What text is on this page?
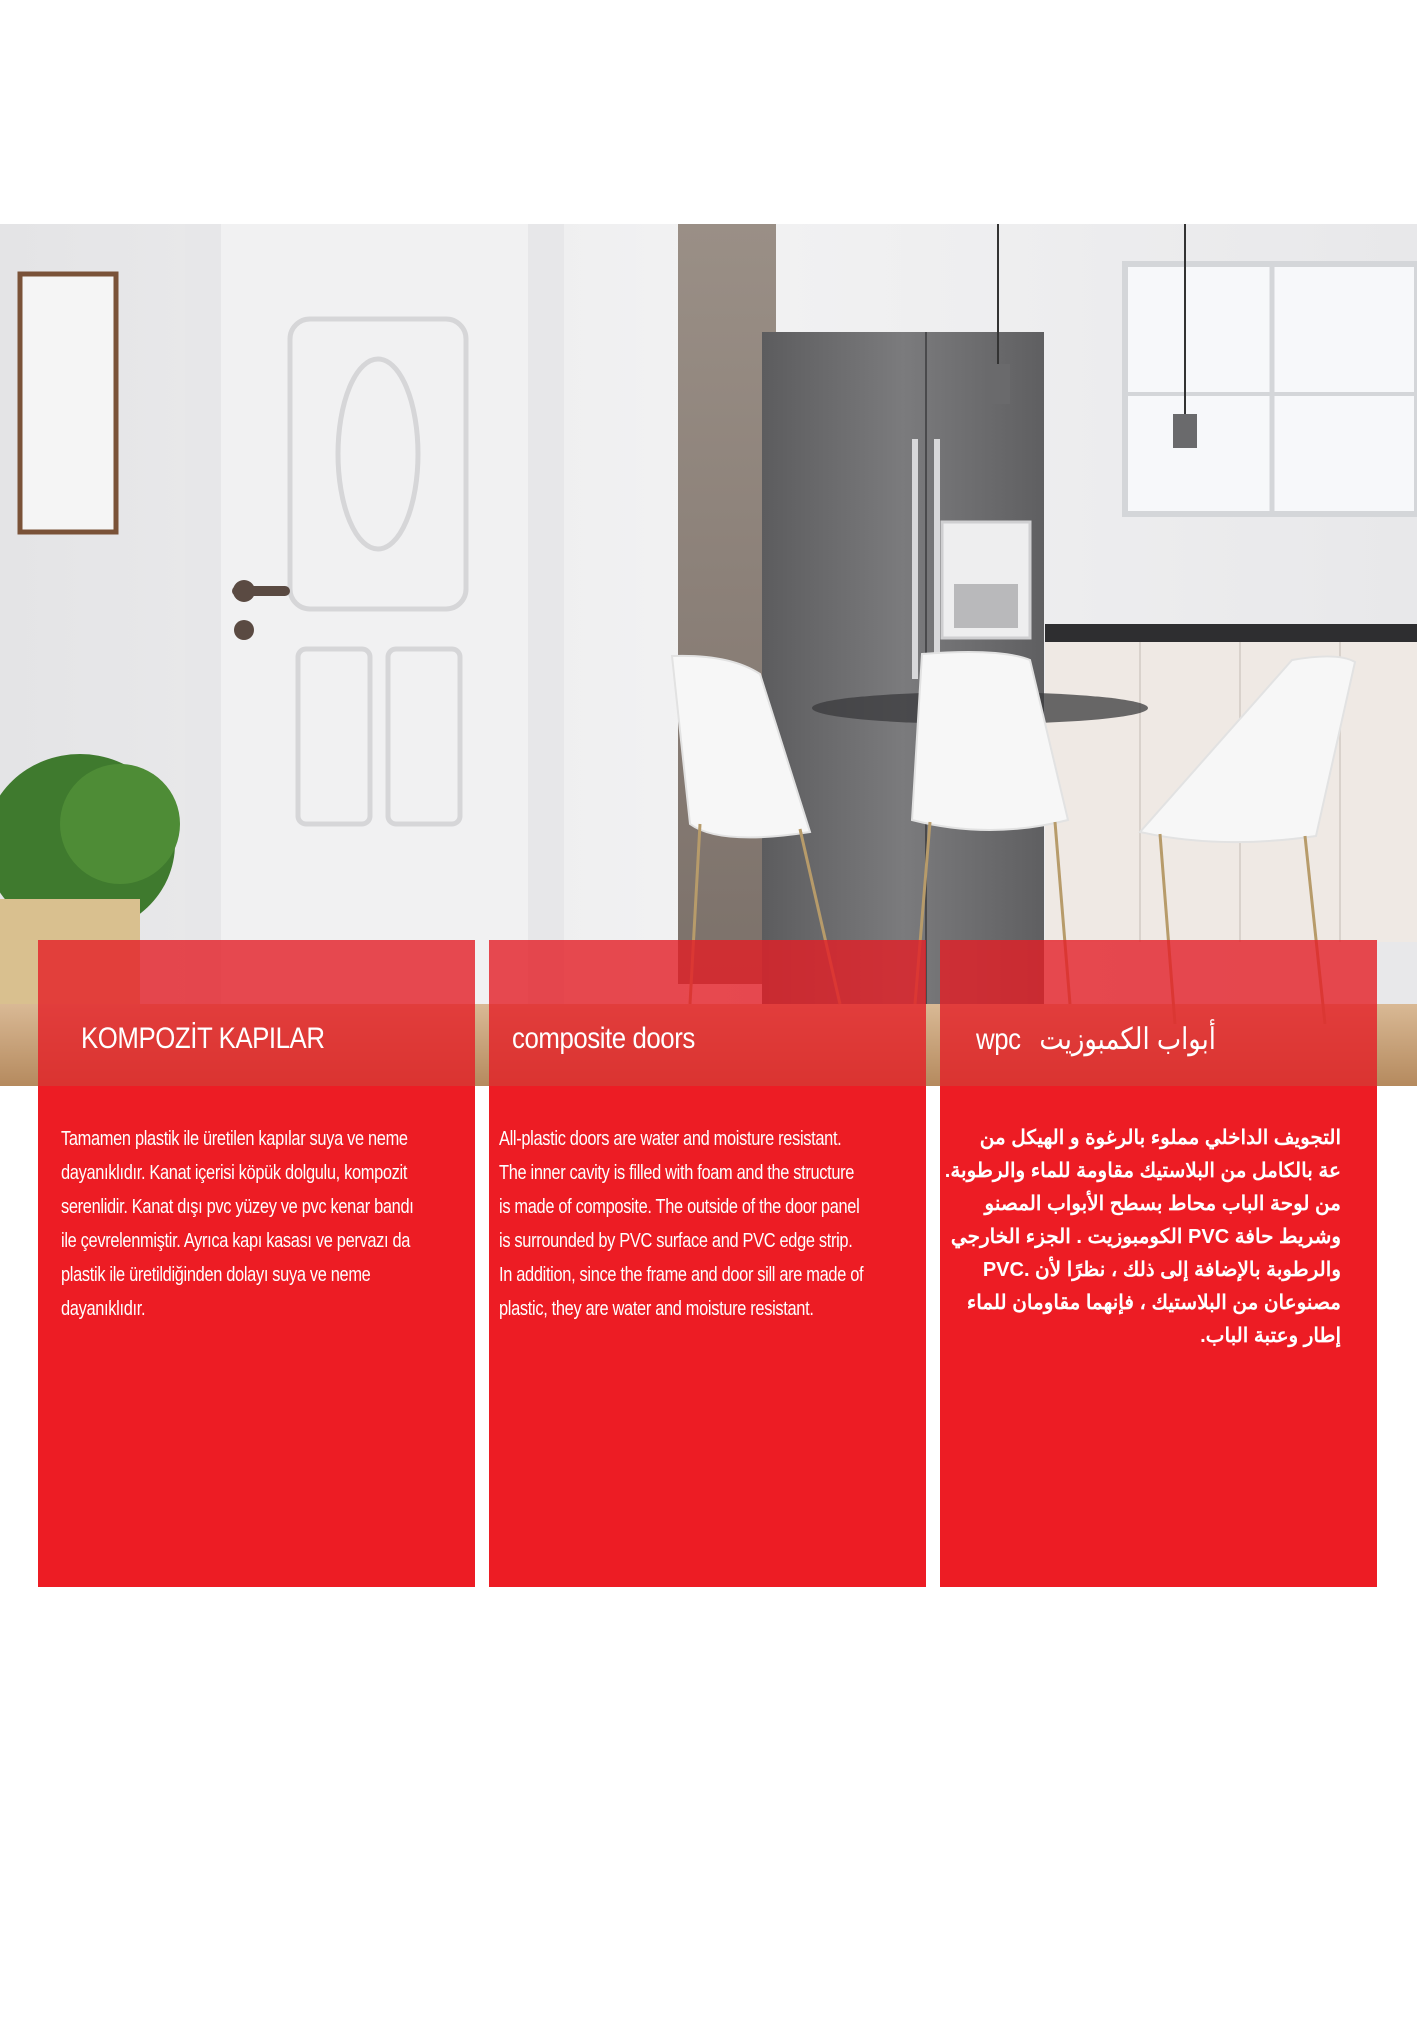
KOMPOZİT KAPILAR

Tamamen plastik ile üretilen kapılar suya ve neme
dayanıklıdır. Kanat içerisi köpük dolgulu, kompozit
serenlidir. Kanat dışı pvc yüzey ve pvc kenar bandı
ile çevrelenmiştir. Ayrıca kapı kasası ve pervazı da
plastik ile üretildiğinden dolayı suya ve neme
dayanıklıdır.

composite doors

All-plastic doors are water and moisture resistant.
The inner cavity is filled with foam and the structure
is made of composite. The outside of the door panel
is surrounded by PVC surface and PVC edge strip.
In addition, since the frame and door sill are made of
plastic, they are water and moisture resistant.

wpc أبواب الكمبوزيت

التجويف الداخلي مملوء بالرغوة و الهيكل من
عة بالكامل من البلاستيك مقاومة للماء والرطوبة.
من لوحة الباب محاط بسطح الأبواب المصنو
وشريط حافة PVC الكومبوزيت . الجزء الخارجي
والرطوبة بالإضافة إلى ذلك ، نظرًا لأن .PVC
مصنوعان من البلاستيك ، فإنهما مقاومان للماء
إطار وعتبة الباب.
